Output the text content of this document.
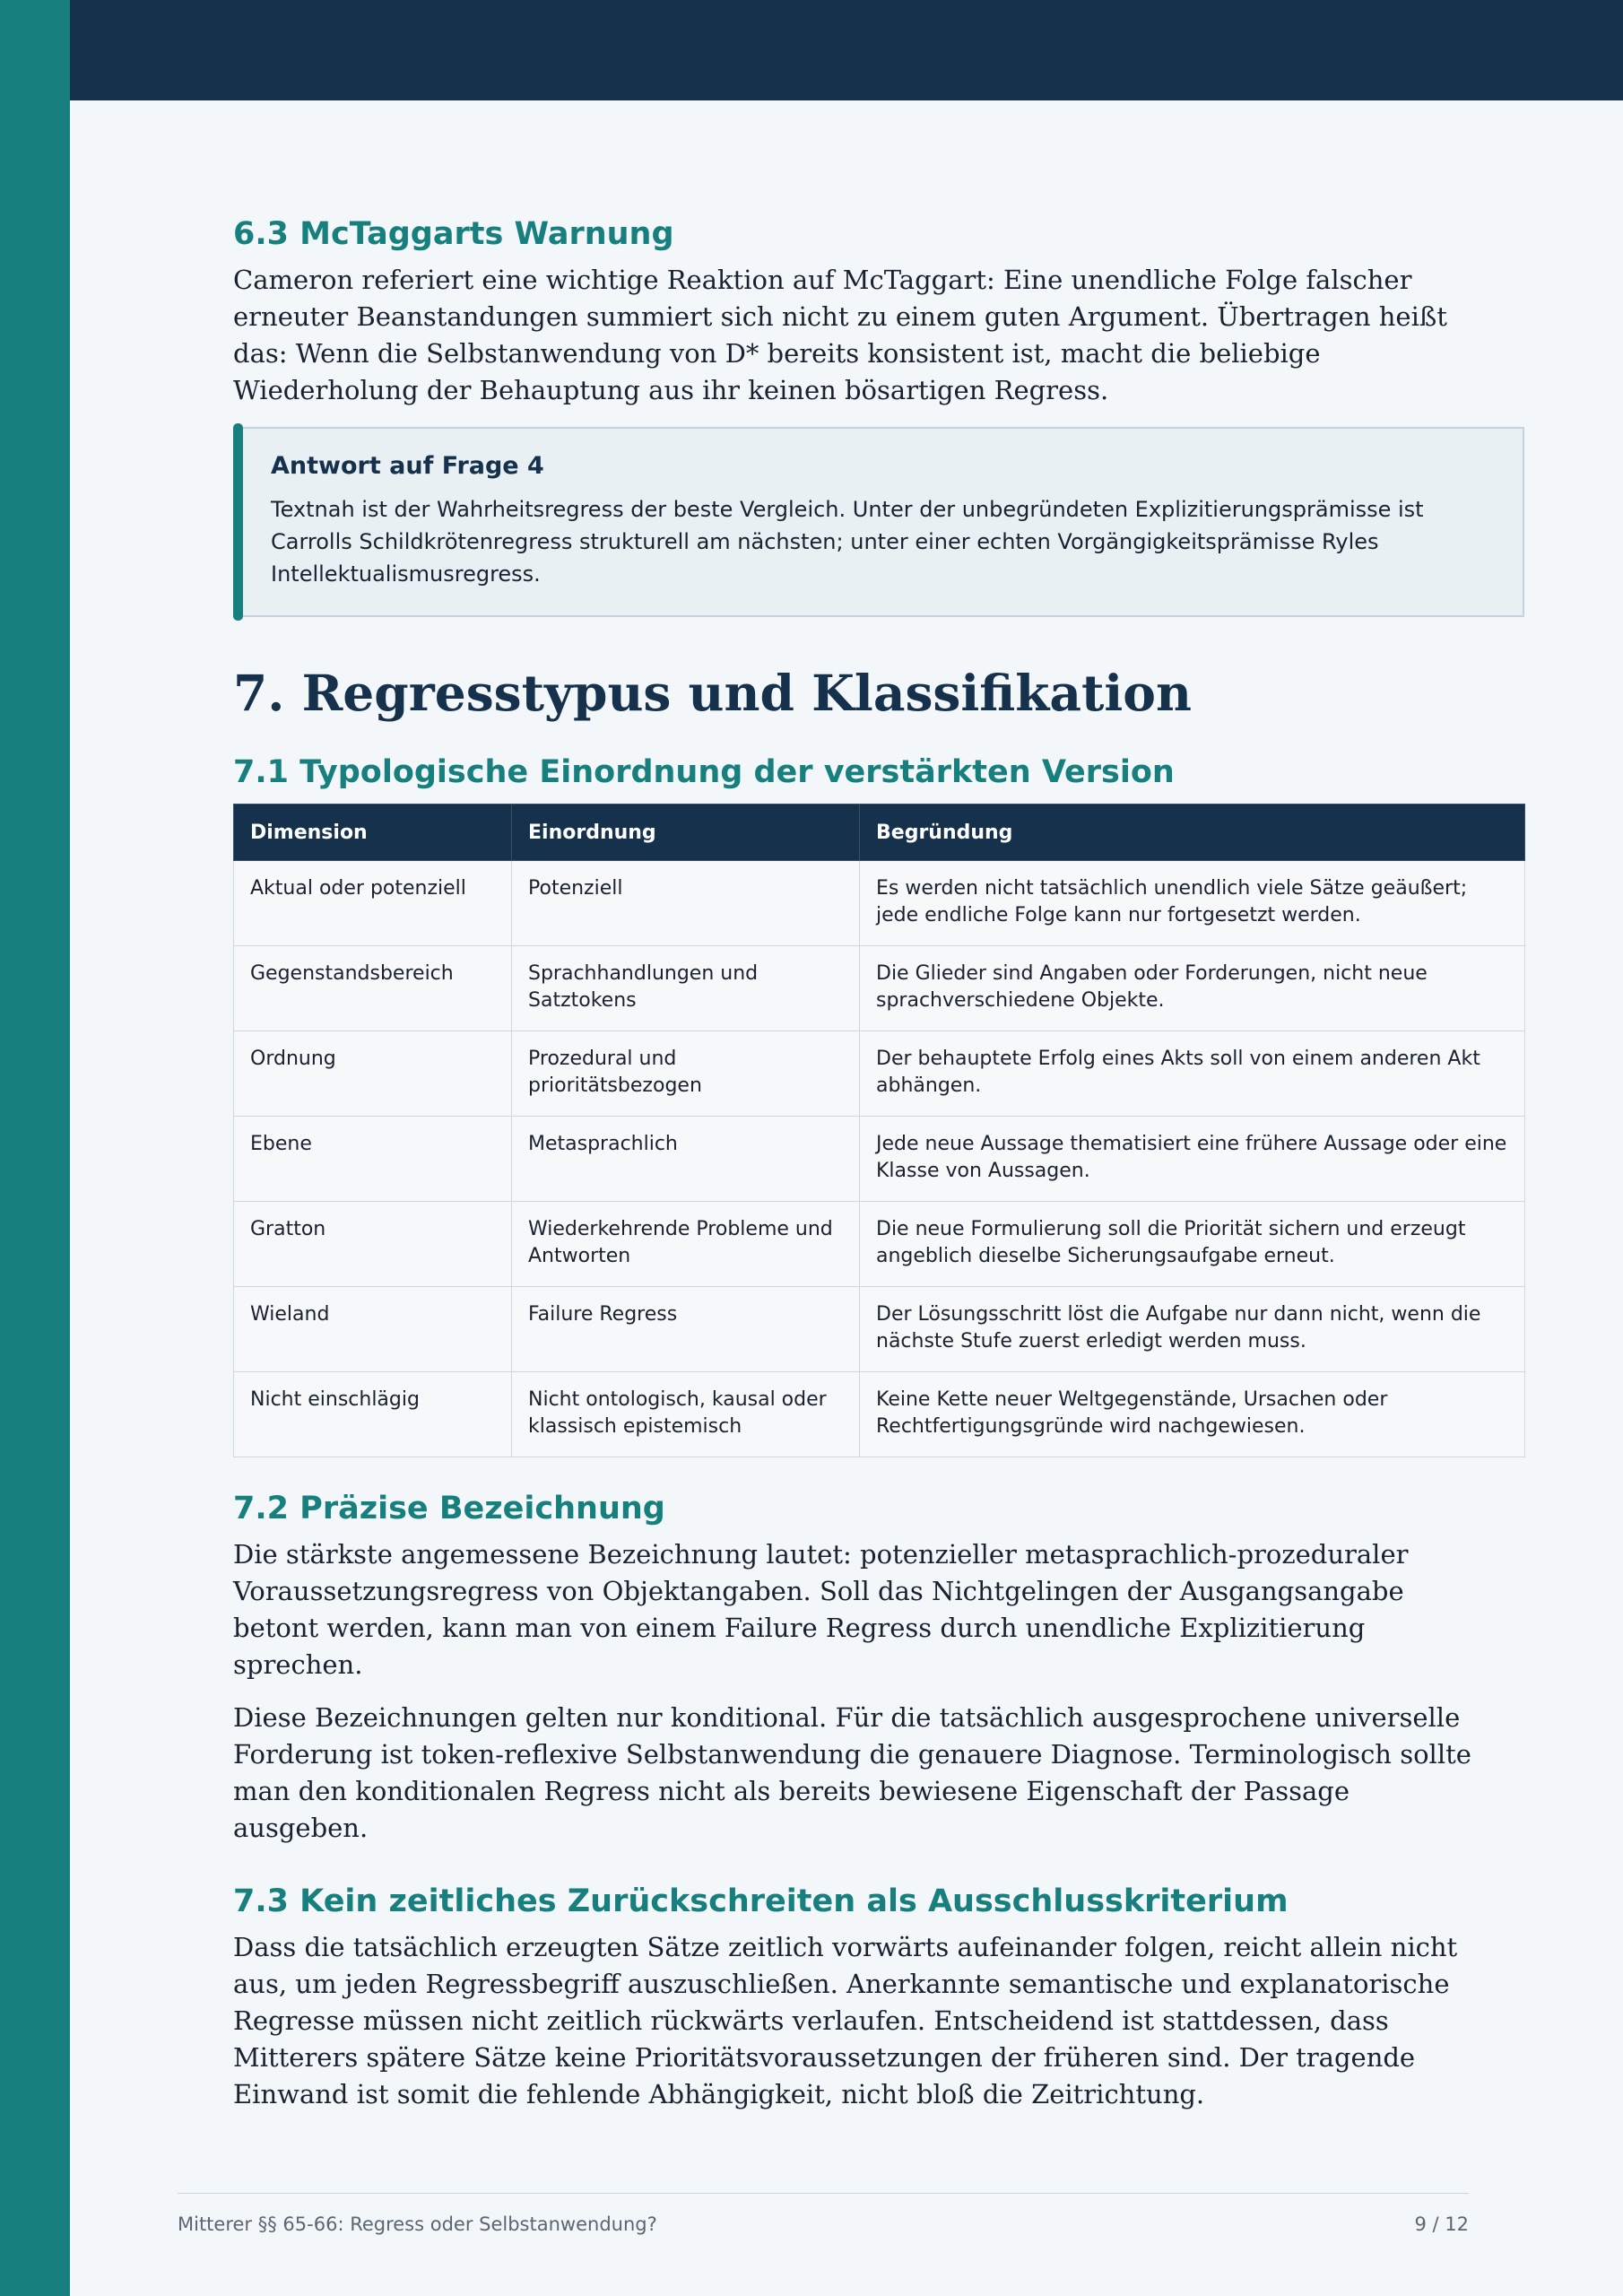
6.3 McTaggarts Warnung

Cameron referiert eine wichtige Reaktion auf McTaggart: Eine unendliche Folge falscher erneuter Beanstandungen summiert sich nicht zu einem guten Argument. Übertragen heißt das: Wenn die Selbstanwendung von D* bereits konsistent ist, macht die beliebige Wiederholung der Behauptung aus ihr keinen bösartigen Regress.

Antwort auf Frage 4

Textnah ist der Wahrheitsregress der beste Vergleich. Unter der unbegründeten Explizitierungsprämisse ist Carrolls Schildkrötenregress strukturell am nächsten; unter einer echten Vorgängigkeitsprämisse Ryles Intellektualismusregress.

7. Regresstypus und Klassifikation
7.1 Typologische Einordnung der verstärkten Version
Dimension	Einordnung	Begründung
Aktual oder potenziell	Potenziell	Es werden nicht tatsächlich unendlich viele Sätze geäußert; jede endliche Folge kann nur fortgesetzt werden.
Gegenstandsbereich	Sprachhandlungen und Satztokens	Die Glieder sind Angaben oder Forderungen, nicht neue sprachverschiedene Objekte.
Ordnung	Prozedural und prioritätsbezogen	Der behauptete Erfolg eines Akts soll von einem anderen Akt abhängen.
Ebene	Metasprachlich	Jede neue Aussage thematisiert eine frühere Aussage oder eine Klasse von Aussagen.
Gratton	Wiederkehrende Probleme und Antworten	Die neue Formulierung soll die Priorität sichern und erzeugt angeblich dieselbe Sicherungsaufgabe erneut.
Wieland	Failure Regress	Der Lösungsschritt löst die Aufgabe nur dann nicht, wenn die nächste Stufe zuerst erledigt werden muss.
Nicht einschlägig	Nicht ontologisch, kausal oder klassisch epistemisch	Keine Kette neuer Weltgegenstände, Ursachen oder Rechtfertigungsgründe wird nachgewiesen.
7.2 Präzise Bezeichnung

Die stärkste angemessene Bezeichnung lautet: potenzieller metasprachlich-prozeduraler Voraussetzungsregress von Objektangaben. Soll das Nichtgelingen der Ausgangsangabe betont werden, kann man von einem Failure Regress durch unendliche Explizitierung sprechen.

Diese Bezeichnungen gelten nur konditional. Für die tatsächlich ausgesprochene universelle Forderung ist token-reflexive Selbstanwendung die genauere Diagnose. Terminologisch sollte man den konditionalen Regress nicht als bereits bewiesene Eigenschaft der Passage ausgeben.

7.3 Kein zeitliches Zurückschreiten als Ausschlusskriterium

Dass die tatsächlich erzeugten Sätze zeitlich vorwärts aufeinander folgen, reicht allein nicht aus, um jeden Regressbegriff auszuschließen. Anerkannte semantische und explanatorische Regresse müssen nicht zeitlich rückwärts verlaufen. Entscheidend ist stattdessen, dass Mitterers spätere Sätze keine Prioritätsvoraussetzungen der früheren sind. Der tragende Einwand ist somit die fehlende Abhängigkeit, nicht bloß die Zeitrichtung.

Mitterer §§ 65-66: Regress oder Selbstanwendung?	9 / 12
